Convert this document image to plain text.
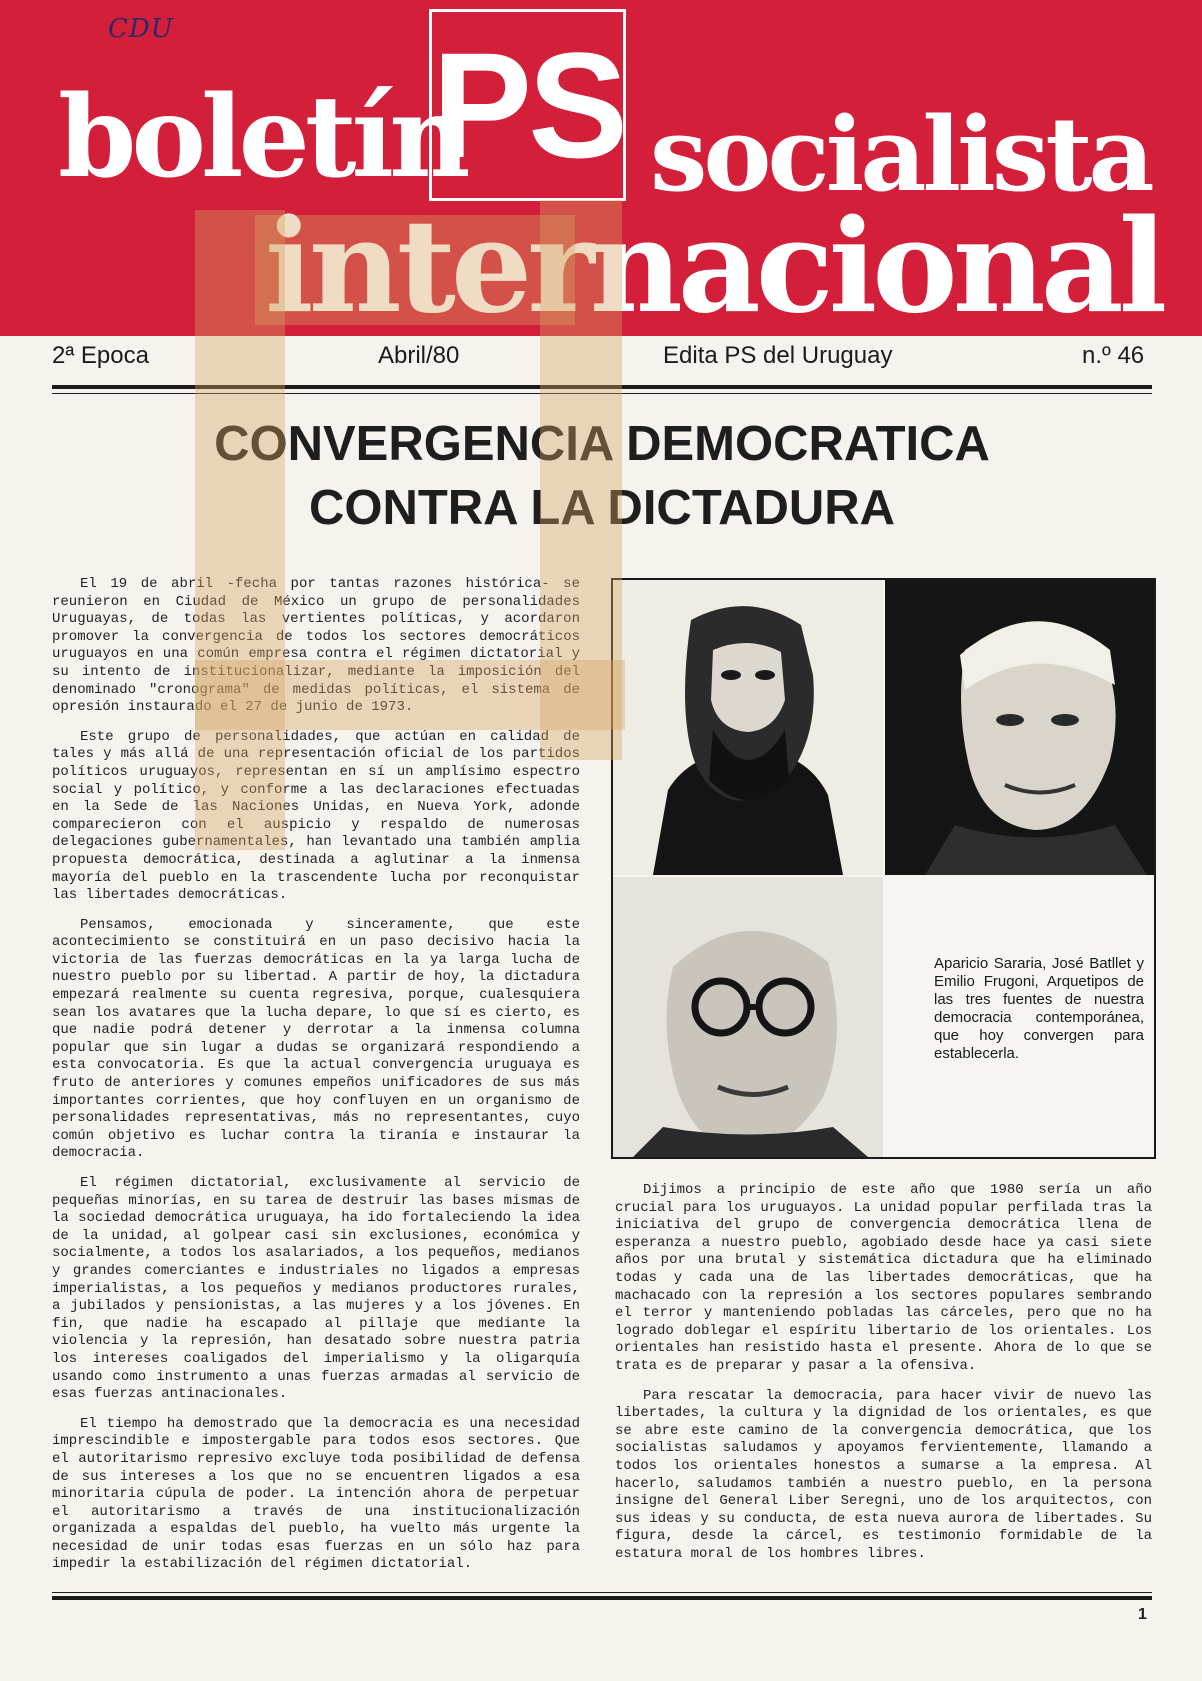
CDU PS
boletín socialista
internacional
2ª Epoca	Abril/80	Edita PS del Uruguay	n.º 46
CONVERGENCIA DEMOCRATICA
CONTRA LA DICTADURA

El 19 de abril -fecha por tantas razones histórica- se reunieron en Ciudad de México un grupo de personalidades Uruguayas, de todas las vertientes políticas, y acordaron promover la convergencia de todos los sectores democráticos uruguayos en una común empresa contra el régimen dictatorial y su intento de institucionalizar, mediante la imposición del denominado "cronograma" de medidas políticas, el sistema de opresión instaurado el 27 de junio de 1973.

Este grupo de personalidades, que actúan en calidad de tales y más allá de una representación oficial de los partidos políticos uruguayos, representan en sí un amplísimo espectro social y político, y conforme a las declaraciones efectuadas en la Sede de las Naciones Unidas, en Nueva York, adonde comparecieron con el auspicio y respaldo de numerosas delegaciones gubernamentales, han levantado una también amplia propuesta democrática, destinada a aglutinar a la inmensa mayoría del pueblo en la trascendente lucha por reconquistar las libertades democráticas.

Pensamos, emocionada y sinceramente, que este acontecimiento se constituirá en un paso decisivo hacia la victoria de las fuerzas democráticas en la ya larga lucha de nuestro pueblo por su libertad. A partir de hoy, la dictadura empezará realmente su cuenta regresiva, porque, cualesquiera sean los avatares que la lucha depare, lo que sí es cierto, es que nadie podrá detener y derrotar a la inmensa columna popular que sin lugar a dudas se organizará respondiendo a esta convocatoria. Es que la actual convergencia uruguaya es fruto de anteriores y comunes empeños unificadores de sus más importantes corrientes, que hoy confluyen en un organismo de personalidades representativas, más no representantes, cuyo común objetivo es luchar contra la tiranía e instaurar la democracia.

El régimen dictatorial, exclusivamente al servicio de pequeñas minorías, en su tarea de destruir las bases mismas de la sociedad democrática uruguaya, ha ido fortaleciendo la idea de la unidad, al golpear casi sin exclusiones, económica y socialmente, a todos los asalariados, a los pequeños, medianos y grandes comerciantes e industriales no ligados a empresas imperialistas, a los pequeños y medianos productores rurales, a jubilados y pensionistas, a las mujeres y a los jóvenes. En fin, que nadie ha escapado al pillaje que mediante la violencia y la represión, han desatado sobre nuestra patria los intereses coaligados del imperialismo y la oligarquía usando como instrumento a unas fuerzas armadas al servicio de esas fuerzas antinacionales.

El tiempo ha demostrado que la democracia es una necesidad imprescindible e impostergable para todos esos sectores. Que el autoritarismo represivo excluye toda posibilidad de defensa de sus intereses a los que no se encuentren ligados a esa minoritaria cúpula de poder. La intención ahora de perpetuar el autoritarismo a través de una institucionalización organizada a espaldas del pueblo, ha vuelto más urgente la necesidad de unir todas esas fuerzas en un sólo haz para impedir la estabilización del régimen dictatorial.

Aparicio Sararia, José Batllet y Emilio Frugoni, Arquetipos de las tres fuentes de nuestra democracia contemporánea, que hoy convergen para establecerla.

Dijimos a principio de este año que 1980 sería un año crucial para los uruguayos. La unidad popular perfilada tras la iniciativa del grupo de convergencia democrática llena de esperanza a nuestro pueblo, agobiado desde hace ya casi siete años por una brutal y sistemática dictadura que ha eliminado todas y cada una de las libertades democráticas, que ha machacado con la represión a los sectores populares sembrando el terror y manteniendo pobladas las cárceles, pero que no ha logrado doblegar el espíritu libertario de los orientales. Los orientales han resistido hasta el presente. Ahora de lo que se trata es de preparar y pasar a la ofensiva.

Para rescatar la democracia, para hacer vivir de nuevo las libertades, la cultura y la dignidad de los orientales, es que se abre este camino de la convergencia democrática, que los socialistas saludamos y apoyamos fervientemente, llamando a todos los orientales honestos a sumarse a la empresa. Al hacerlo, saludamos también a nuestro pueblo, en la persona insigne del General Liber Seregni, uno de los arquitectos, con sus ideas y su conducta, de esta nueva aurora de libertades. Su figura, desde la cárcel, es testimonio formidable de la estatura moral de los hombres libres.

1
